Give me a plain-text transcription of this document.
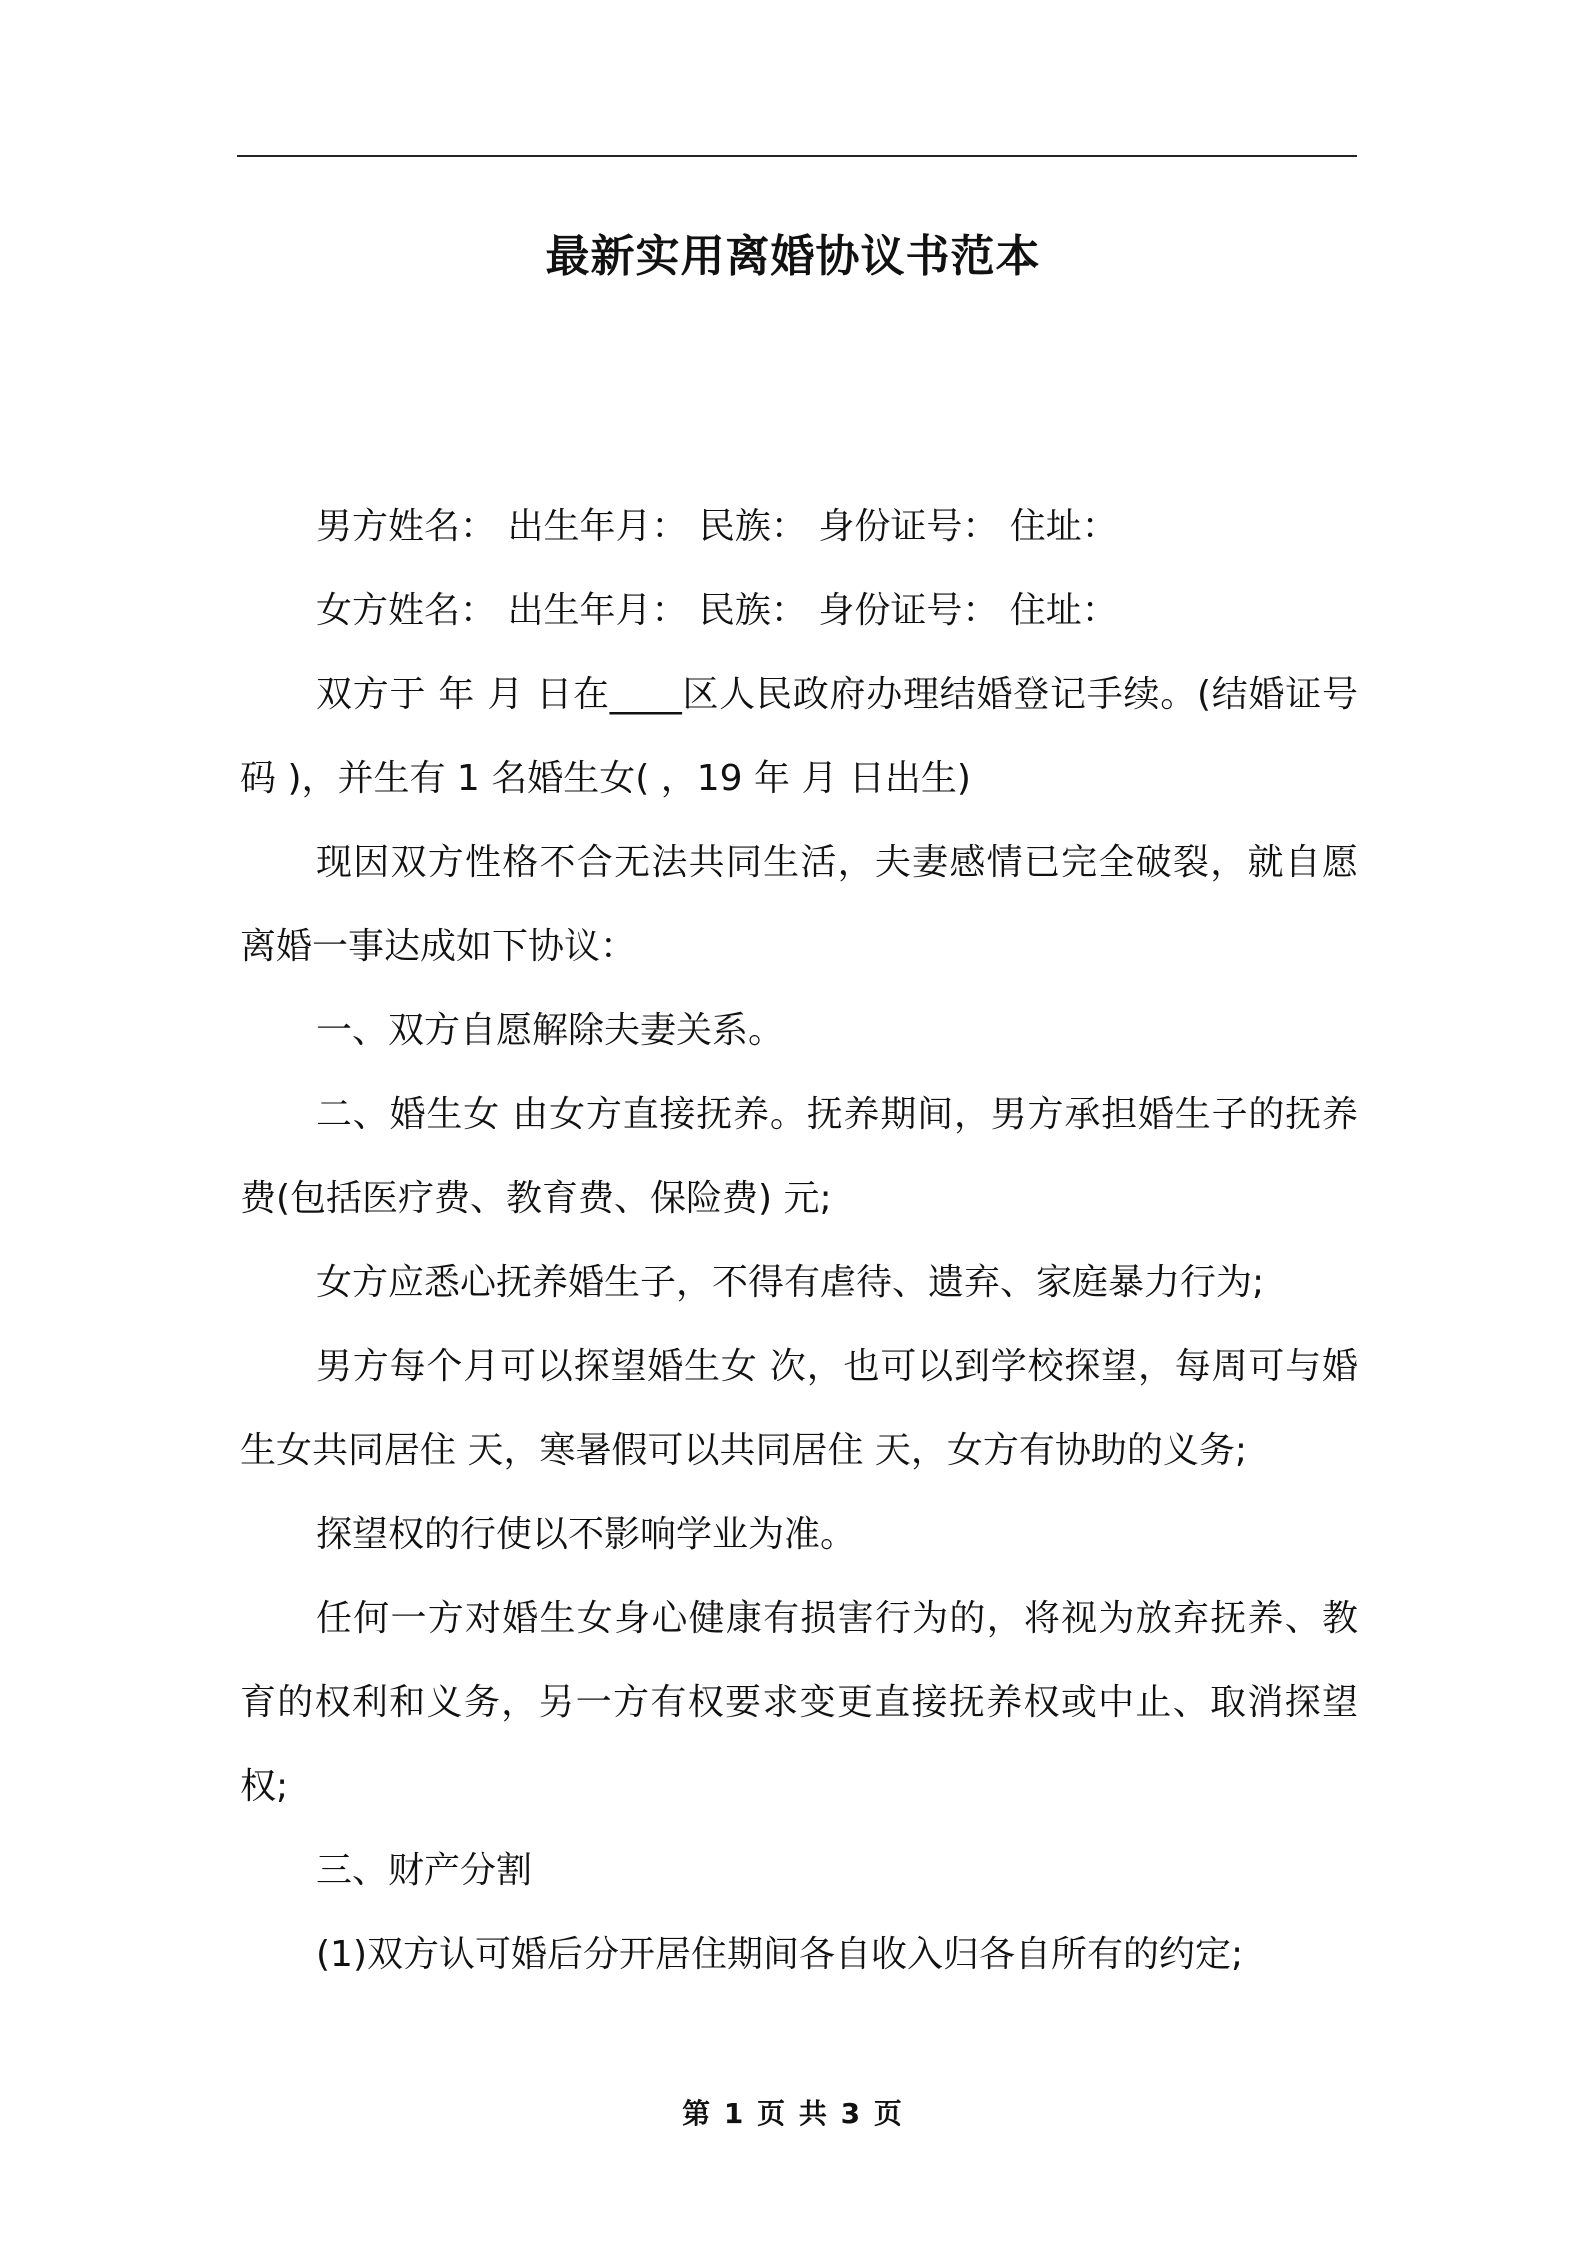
最新实用离婚协议书范本

男方姓名： 出生年月： 民族： 身份证号： 住址：

女方姓名： 出生年月： 民族： 身份证号： 住址：

双方于 年 月 日在____区人民政府办理结婚登记手续。(结婚证号码 )，并生有 1 名婚生女( ，19 年 月 日出生)

现因双方性格不合无法共同生活，夫妻感情已完全破裂，就自愿离婚一事达成如下协议：

一、双方自愿解除夫妻关系。

二、婚生女 由女方直接抚养。抚养期间，男方承担婚生子的抚养费(包括医疗费、教育费、保险费) 元;

女方应悉心抚养婚生子，不得有虐待、遗弃、家庭暴力行为;

男方每个月可以探望婚生女 次，也可以到学校探望，每周可与婚生女共同居住 天，寒暑假可以共同居住 天，女方有协助的义务;

探望权的行使以不影响学业为准。

任何一方对婚生女身心健康有损害行为的，将视为放弃抚养、教育的权利和义务，另一方有权要求变更直接抚养权或中止、取消探望权;

三、财产分割

(1)双方认可婚后分开居住期间各自收入归各自所有的约定;

第 1 页 共 3 页
